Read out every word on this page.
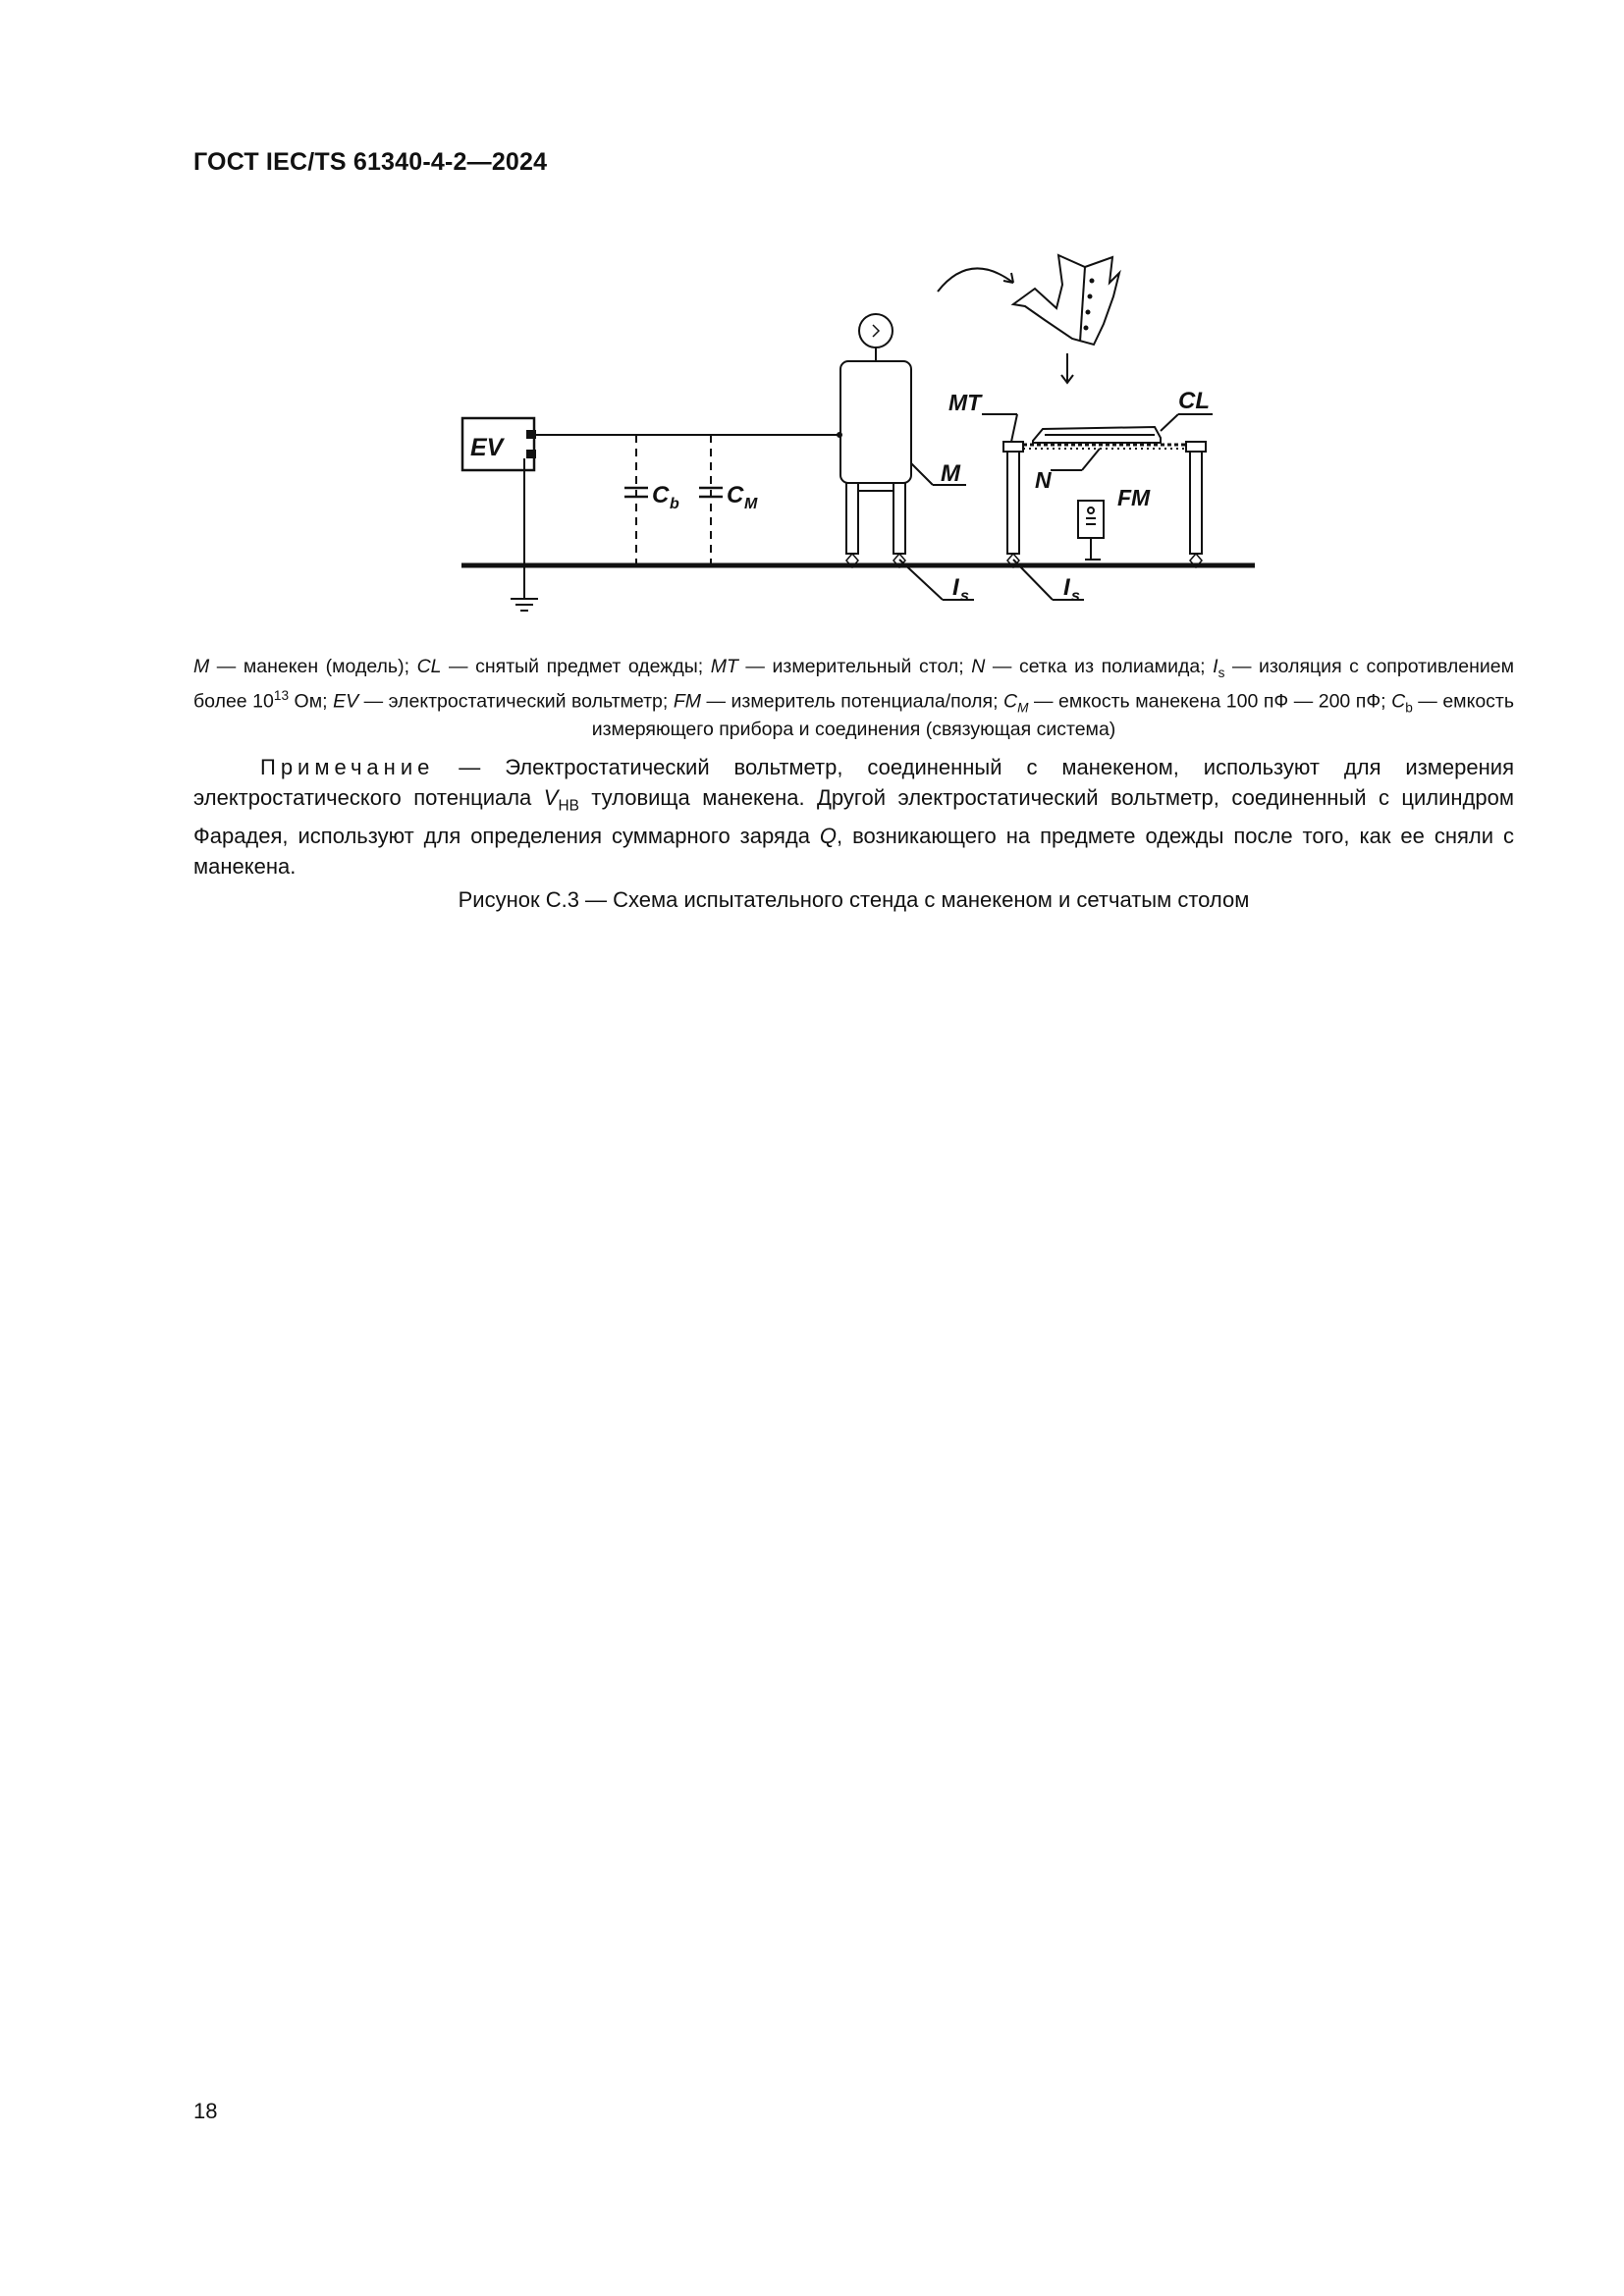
ГОСТ IEC/TS 61340-4-2—2024
EV
C b C M
M
MT	CL
N
FM
I s	I s
M — манекен (модель); CL — снятый предмет одежды; MT — измерительный стол; N — сетка из полиамида; $I_s$ — изоляция с сопротивлением более $10^{13}$ Ом; EV — электростатический вольтметр; FM — измеритель потенциала/поля; $C_M$ — емкость манекена 100 пФ — 200 пФ; $C_b$ — емкость измеряющего прибора и соединения (связующая система)
Примечание — Электростатический вольтметр, соединенный с манекеном, используют для измерения электростатического потенциала $V_{HB}$ туловища манекена. Другой электростатический вольтметр, соединенный с цилиндром Фарадея, используют для определения суммарного заряда Q, возникающего на предмете одежды после того, как ее сняли с манекена.
Рисунок С.3 — Схема испытательного стенда с манекеном и сетчатым столом
18
